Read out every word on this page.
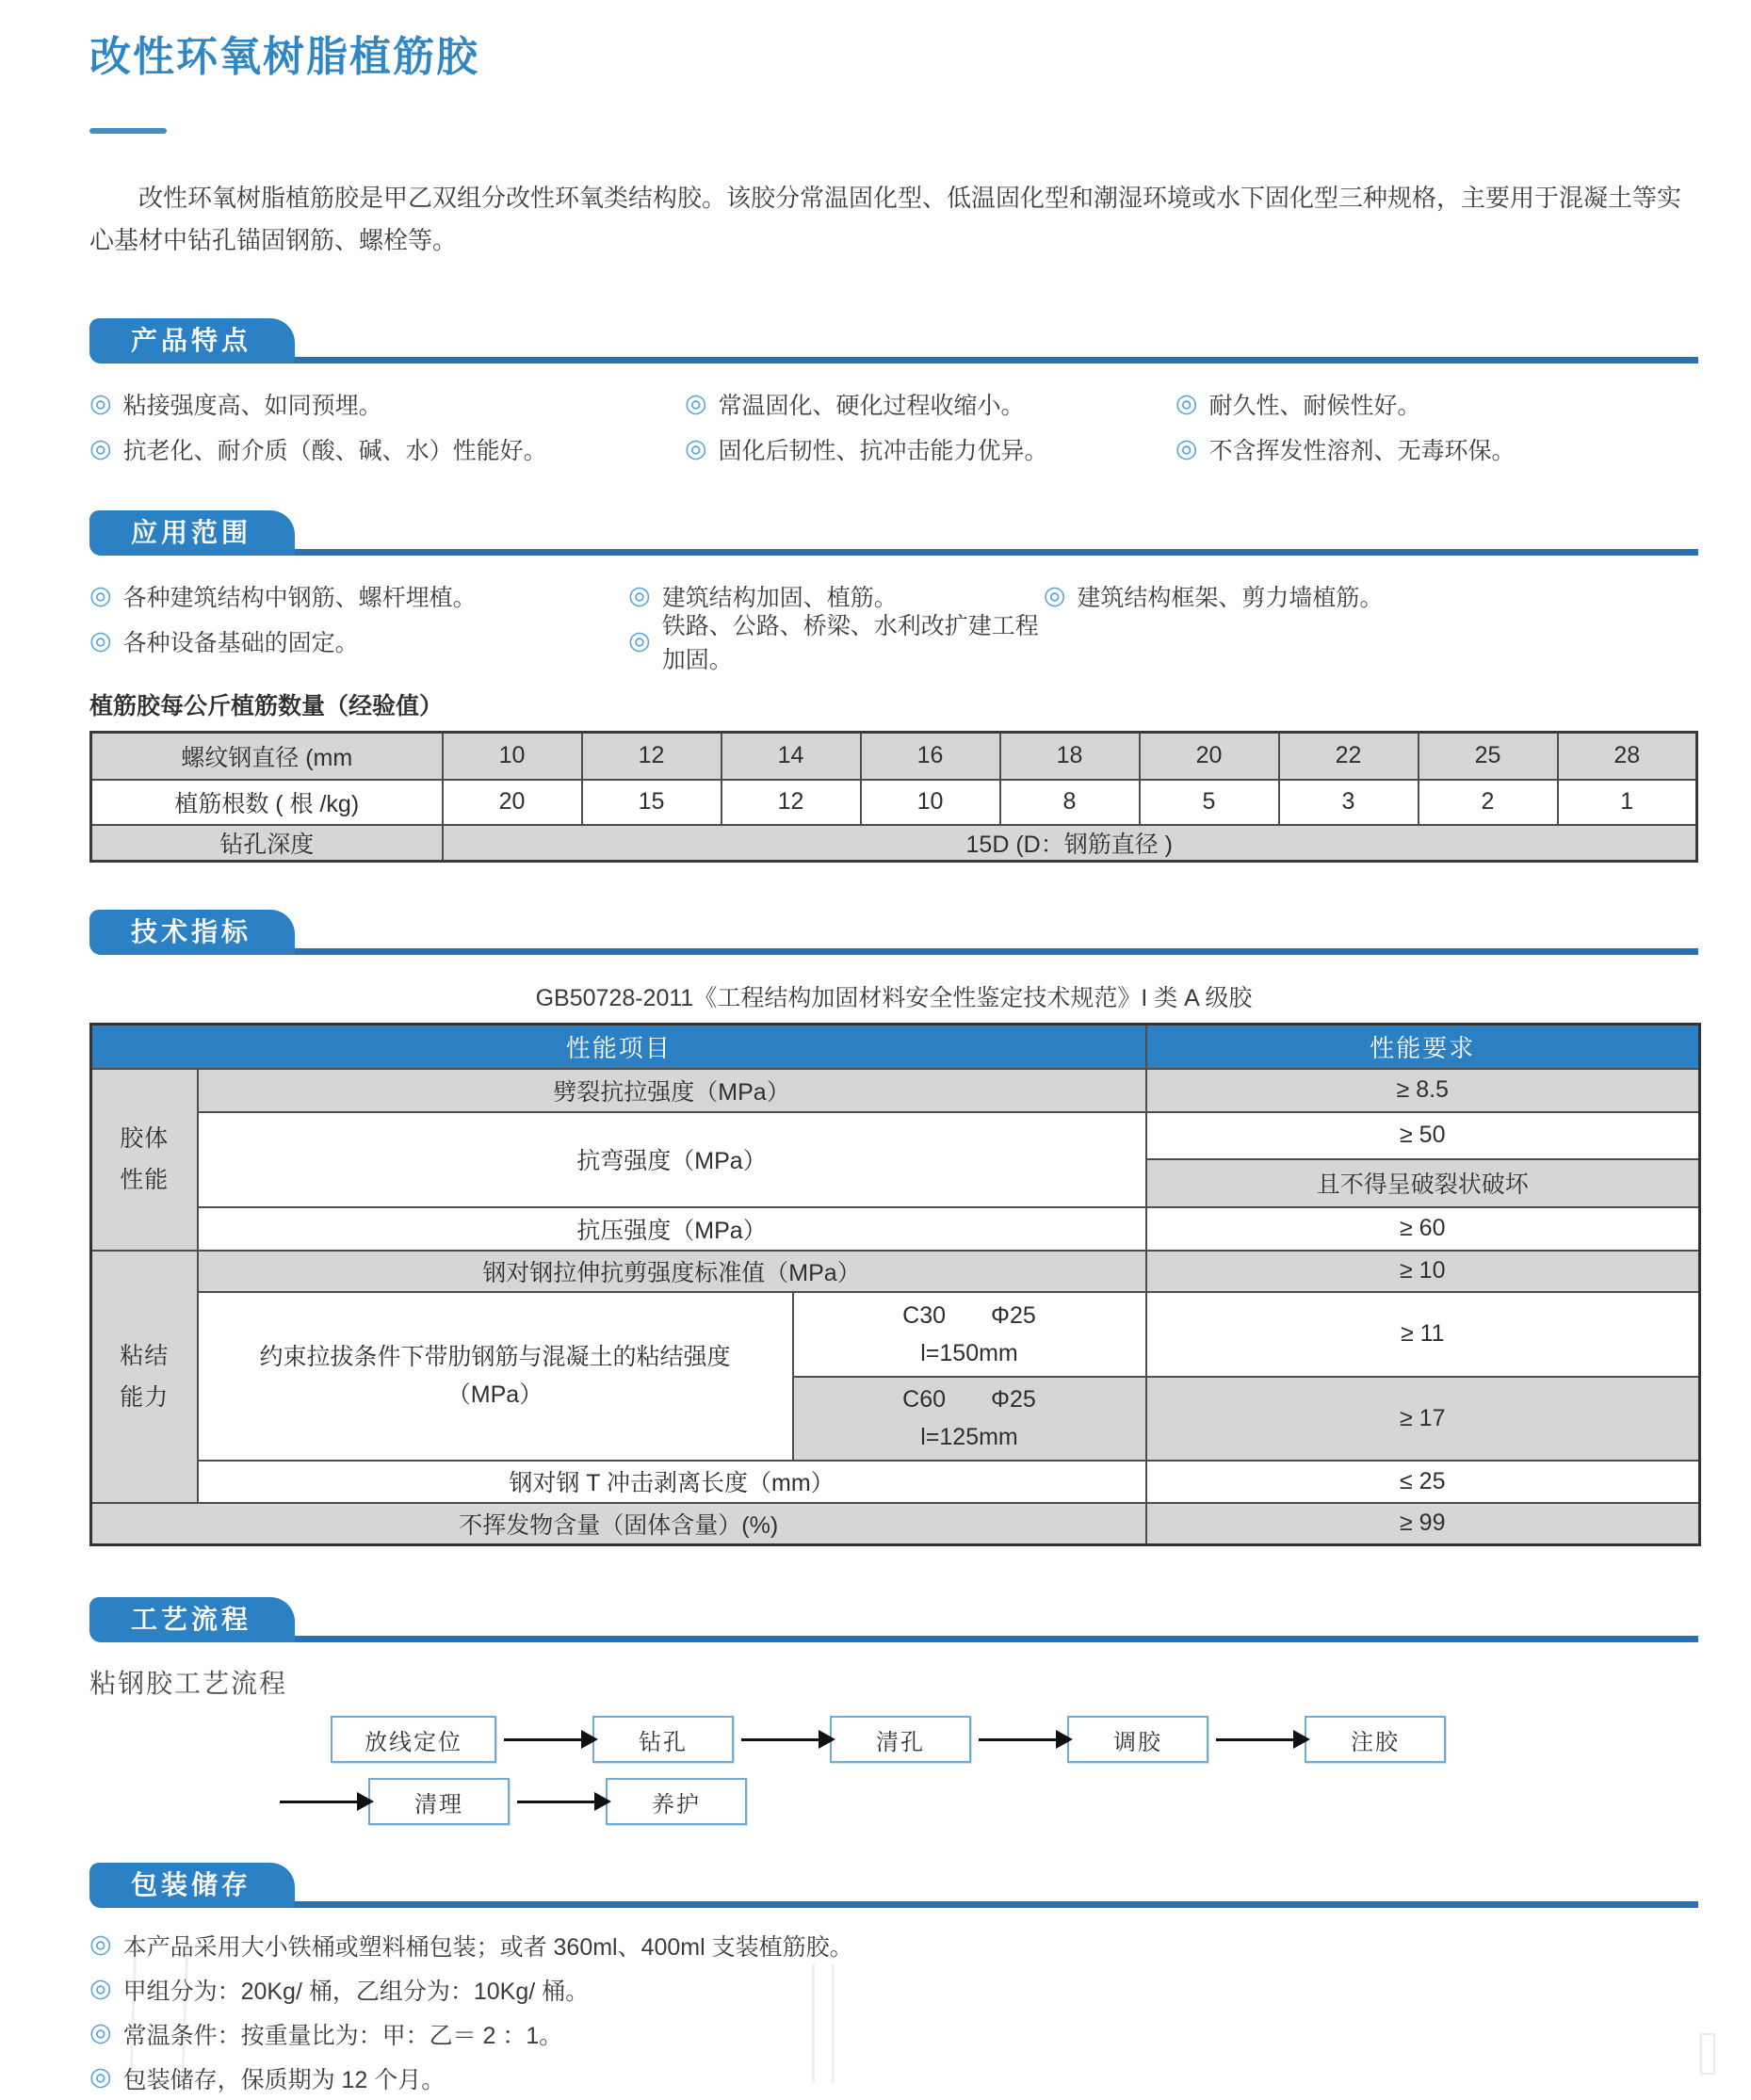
改性环氧树脂植筋胶

改性环氧树脂植筋胶是甲乙双组分改性环氧类结构胶。该胶分常温固化型、低温固化型和潮湿环境或水下固化型三种规格，主要用于混凝土等实心基材中钻孔锚固钢筋、螺栓等。

产品特点
◎ 粘接强度高、如同预埋。	◎ 常温固化、硬化过程收缩小。	◎ 耐久性、耐候性好。
◎ 抗老化、耐介质（酸、碱、水）性能好。	◎ 固化后韧性、抗冲击能力优异。	◎ 不含挥发性溶剂、无毒环保。
应用范围
◎ 各种建筑结构中钢筋、螺杆埋植。	◎ 建筑结构加固、植筋。	◎ 建筑结构框架、剪力墙植筋。
◎ 各种设备基础的固定。	◎ 铁路、公路、桥梁、水利改扩建工程加固。
植筋胶每公斤植筋数量（经验值）
螺纹钢直径 (mm	10	12	14	16	18	20	22	25	28
植筋根数 ( 根 /kg)	20	15	12	10	8	5	3	2	1
钻孔深度	15D (D：钢筋直径 )								
技术指标
GB50728-2011《工程结构加固材料安全性鉴定技术规范》I 类 A 级胶
性能项目			性能要求

胶体性能	劈裂抗拉强度（MPa）		≥ 8.5
	抗弯强度（MPa）		≥ 50
			且不得呈破裂状破坏
	抗压强度（MPa）		≥ 60

粘结能力	钢对钢拉伸抗剪强度标准值（MPa）		≥ 10

	约束拉拔条件下带肋钢筋与混凝土的粘结强度（MPa）	C30 Φ25
l=150mm	≥ 11

		C60 Φ25
l=125mm	≥ 17
	钢对钢 T 冲击剥离长度（mm）		≤ 25
不挥发物含量（固体含量）(%)			≥ 99
工艺流程
粘钢胶工艺流程
放线定位	钻孔	清孔	调胶	注胶
清理	养护
包装储存
◎ 本产品采用大小铁桶或塑料桶包装；或者 360ml、400ml 支装植筋胶。
◎ 甲组分为：20Kg/ 桶，乙组分为：10Kg/ 桶。
◎ 常温条件：按重量比为：甲：乙＝ 2 ：1。
◎ 包装储存，保质期为 12 个月。
